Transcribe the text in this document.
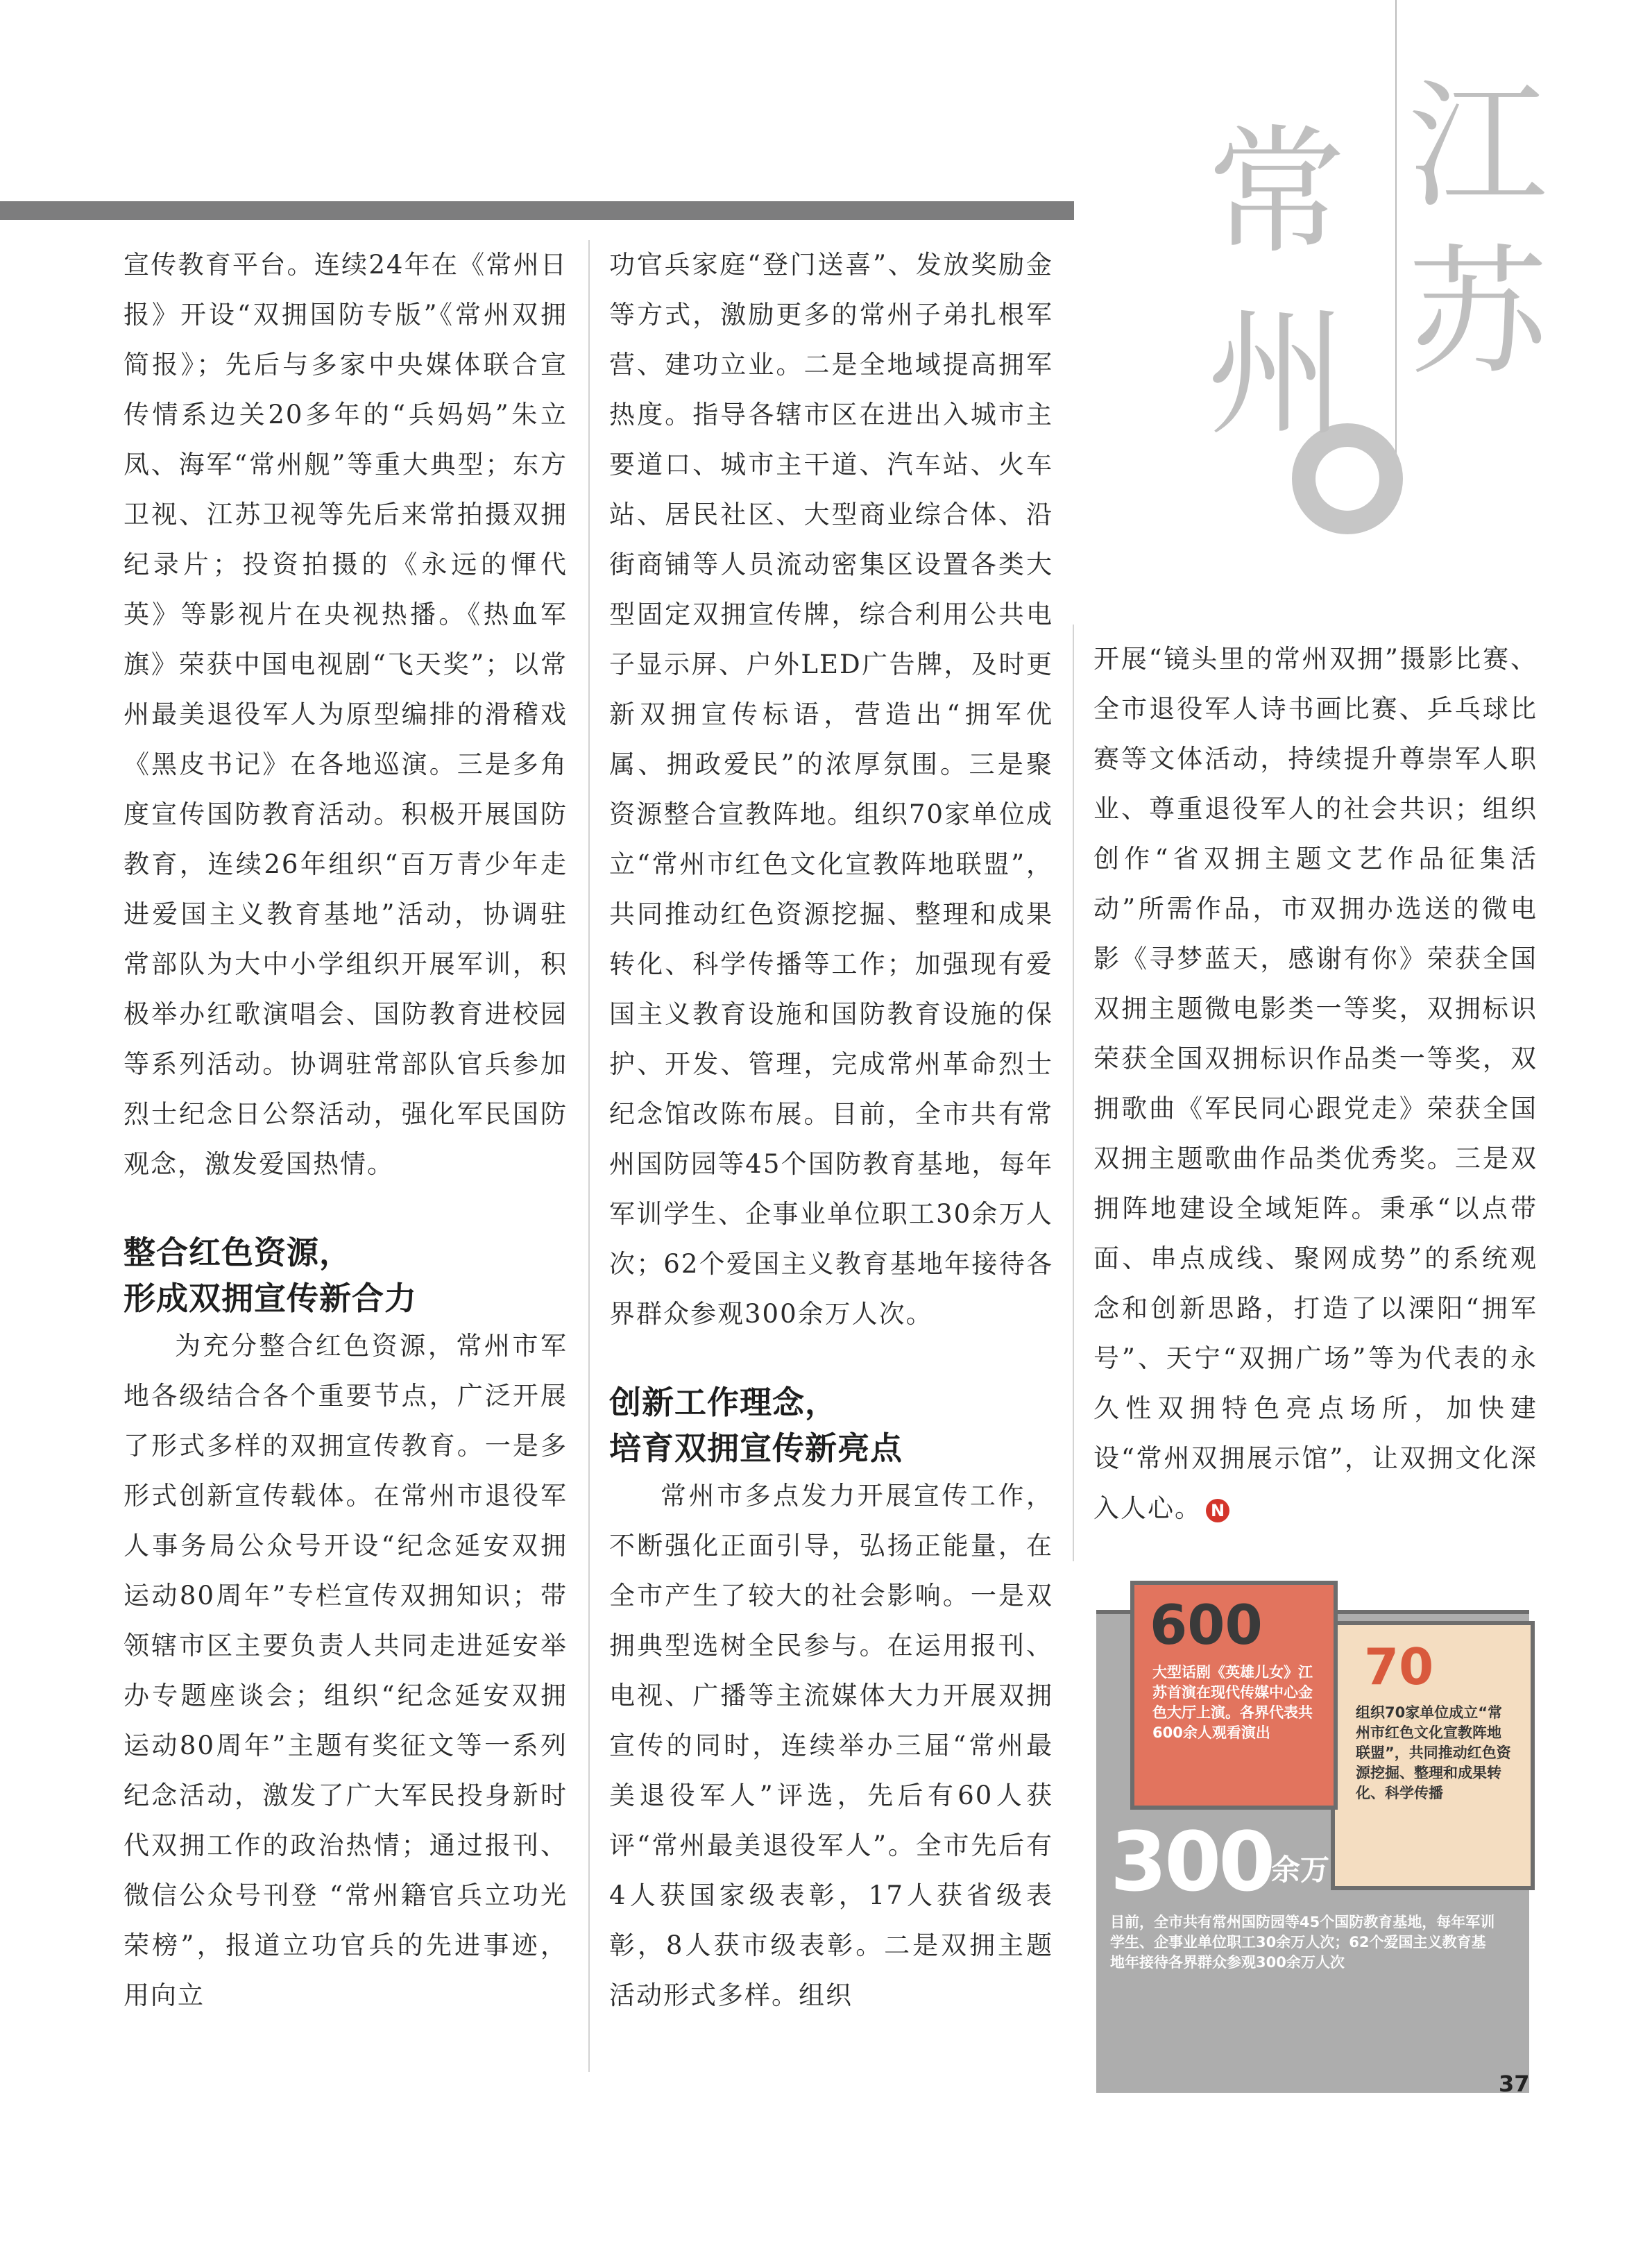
江
苏
常
州

宣传教育平台。连续24年在《常州日报》开设“双拥国防专版”《常州双拥简报》；先后与多家中央媒体联合宣传情系边关20多年的“兵妈妈”朱立凤、海军“常州舰”等重大典型；东方卫视、江苏卫视等先后来常拍摄双拥纪录片；投资拍摄的《永远的惲代英》等影视片在央视热播。《热血军旗》荣获中国电视剧“飞天奖”；以常州最美退役军人为原型编排的滑稽戏《黑皮书记》在各地巡演。三是多角度宣传国防教育活动。积极开展国防教育，连续26年组织“百万青少年走进爱国主义教育基地”活动，协调驻常部队为大中小学组织开展军训，积极举办红歌演唱会、国防教育进校园等系列活动。协调驻常部队官兵参加烈士纪念日公祭活动，强化军民国防观念，激发爱国热情。

整合红色资源，
形成双拥宣传新合力

为充分整合红色资源，常州市军地各级结合各个重要节点，广泛开展了形式多样的双拥宣传教育。一是多形式创新宣传载体。在常州市退役军人事务局公众号开设“纪念延安双拥运动80周年”专栏宣传双拥知识；带领辖市区主要负责人共同走进延安举办专题座谈会；组织“纪念延安双拥运动80周年”主题有奖征文等一系列纪念活动，激发了广大军民投身新时代双拥工作的政治热情；通过报刊、微信公众号刊登 “常州籍官兵立功光荣榜”，报道立功官兵的先进事迹，用向立

功官兵家庭“登门送喜”、发放奖励金等方式，激励更多的常州子弟扎根军营、建功立业。二是全地域提高拥军热度。指导各辖市区在进出入城市主要道口、城市主干道、汽车站、火车站、居民社区、大型商业综合体、沿街商铺等人员流动密集区设置各类大型固定双拥宣传牌，综合利用公共电子显示屏、户外LED广告牌，及时更新双拥宣传标语，营造出“拥军优属、拥政爱民”的浓厚氛围。三是聚资源整合宣教阵地。组织70家单位成立“常州市红色文化宣教阵地联盟”，共同推动红色资源挖掘、整理和成果转化、科学传播等工作；加强现有爱国主义教育设施和国防教育设施的保护、开发、管理，完成常州革命烈士纪念馆改陈布展。目前，全市共有常州国防园等45个国防教育基地，每年军训学生、企事业单位职工30余万人次；62个爱国主义教育基地年接待各界群众参观300余万人次。

创新工作理念，
培育双拥宣传新亮点

常州市多点发力开展宣传工作，不断强化正面引导，弘扬正能量，在全市产生了较大的社会影响。一是双拥典型选树全民参与。在运用报刊、电视、广播等主流媒体大力开展双拥宣传的同时，连续举办三届“常州最美退役军人”评选，先后有60人获评“常州最美退役军人”。全市先后有4人获国家级表彰，17人获省级表彰，8人获市级表彰。二是双拥主题活动形式多样。组织

开展“镜头里的常州双拥”摄影比赛、全市退役军人诗书画比赛、乒乓球比赛等文体活动，持续提升尊崇军人职业、尊重退役军人的社会共识；组织创作“省双拥主题文艺作品征集活动”所需作品，市双拥办选送的微电影《寻梦蓝天，感谢有你》荣获全国双拥主题微电影类一等奖，双拥标识荣获全国双拥标识作品类一等奖，双拥歌曲《军民同心跟党走》荣获全国双拥主题歌曲作品类优秀奖。三是双拥阵地建设全域矩阵。秉承“以点带面、串点成线、聚网成势”的系统观念和创新思路，打造了以溧阳“拥军号”、天宁“双拥广场”等为代表的永久性双拥特色亮点场所，加快建设“常州双拥展示馆”，让双拥文化深入人心。 N

300
余万
目前，全市共有常州国防园等45个国防教育基地，每年军训学生、企事业单位职工30余万人次；62个爱国主义教育基地年接待各界群众参观300余万人次
70
组织70家单位成立“常州市红色文化宣教阵地联盟”，共同推动红色资源挖掘、整理和成果转化、科学传播
600
大型话剧《英雄儿女》江苏首演在现代传媒中心金色大厅上演。各界代表共600余人观看演出
37
